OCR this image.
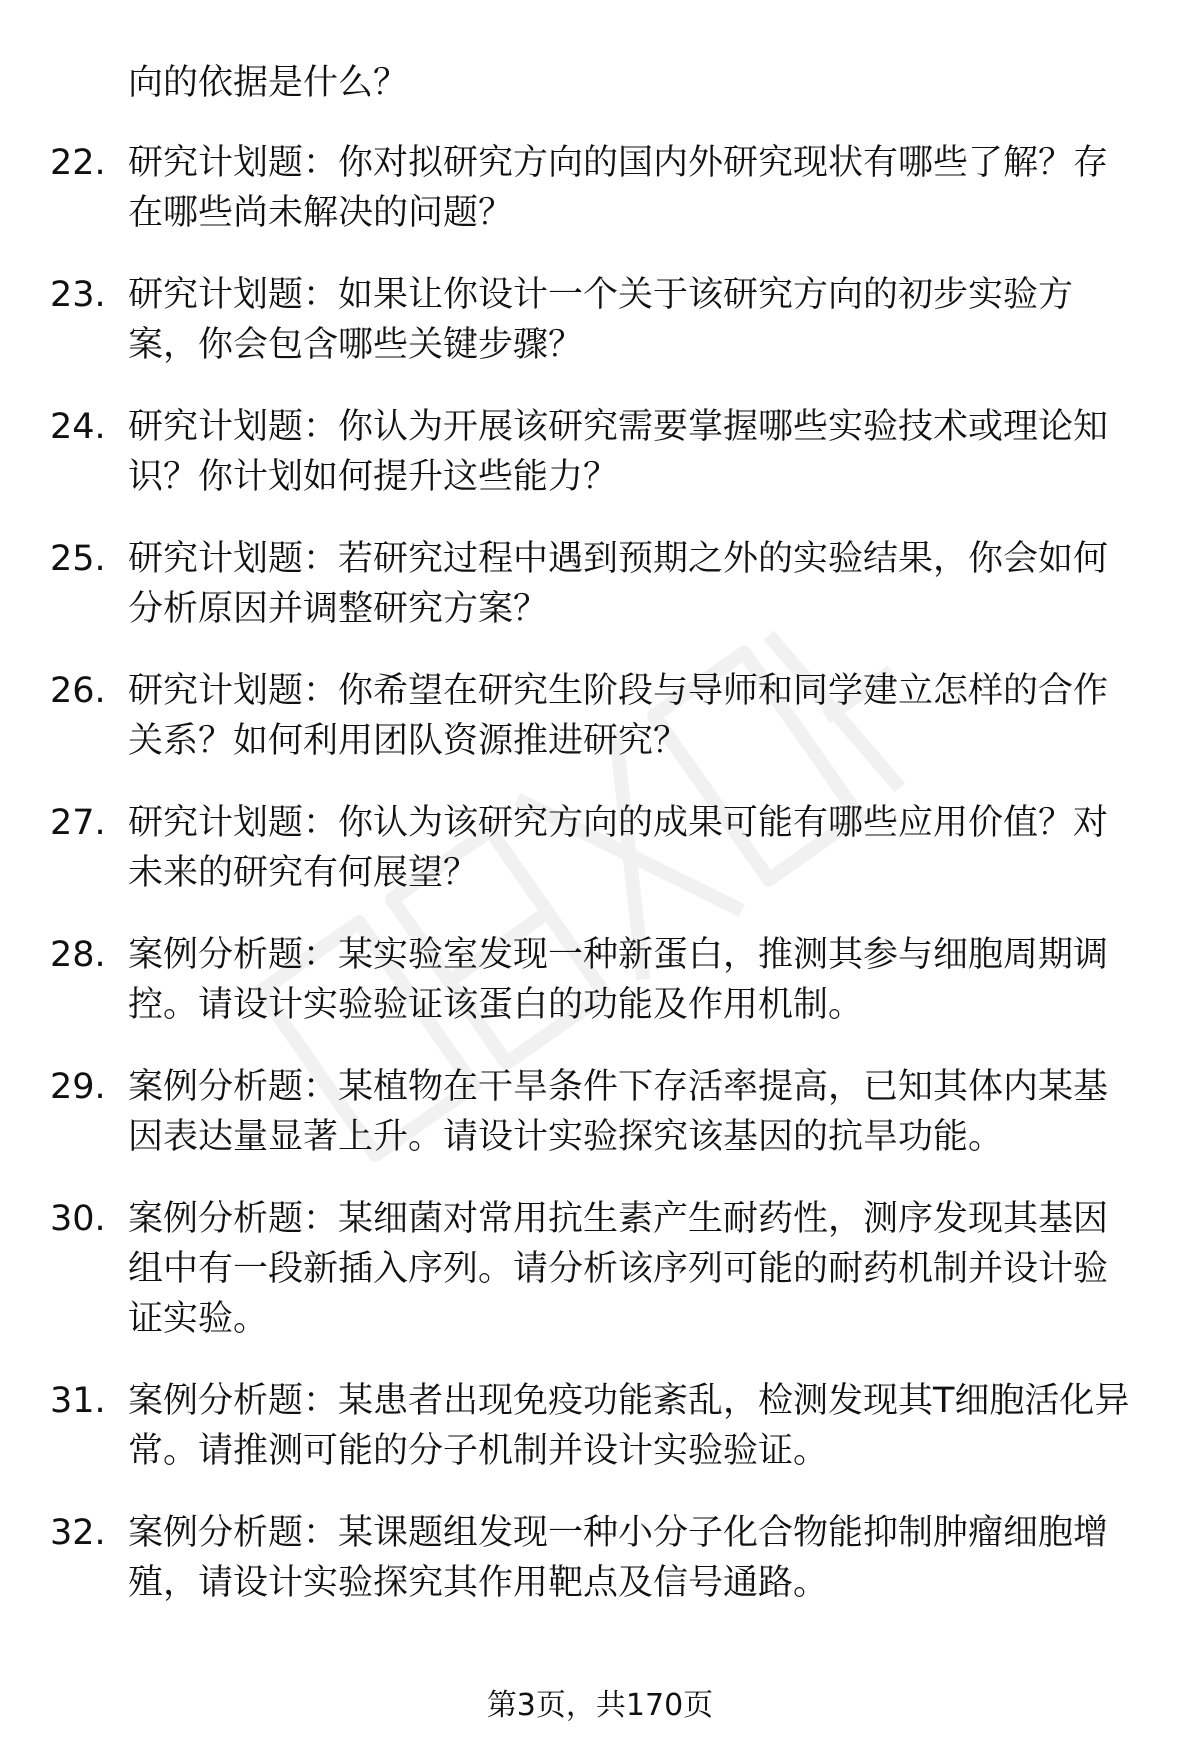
向的依据是什么？
22. 研究计划题：你对拟研究方向的国内外研究现状有哪些了解？存
在哪些尚未解决的问题？
23. 研究计划题：如果让你设计一个关于该研究方向的初步实验方
案，你会包含哪些关键步骤？
24. 研究计划题：你认为开展该研究需要掌握哪些实验技术或理论知
识？你计划如何提升这些能力？
25. 研究计划题：若研究过程中遇到预期之外的实验结果，你会如何
分析原因并调整研究方案？
26. 研究计划题：你希望在研究生阶段与导师和同学建立怎样的合作
关系？如何利用团队资源推进研究？
27. 研究计划题：你认为该研究方向的成果可能有哪些应用价值？对
未来的研究有何展望？
28. 案例分析题：某实验室发现一种新蛋白，推测其参与细胞周期调
控。请设计实验验证该蛋白的功能及作用机制。
29. 案例分析题：某植物在干旱条件下存活率提高，已知其体内某基
因表达量显著上升。请设计实验探究该基因的抗旱功能。
30. 案例分析题：某细菌对常用抗生素产生耐药性，测序发现其基因
组中有一段新插入序列。请分析该序列可能的耐药机制并设计验
证实验。
31. 案例分析题：某患者出现免疫功能紊乱，检测发现其T细胞活化异
常。请推测可能的分子机制并设计实验验证。
32. 案例分析题：某课题组发现一种小分子化合物能抑制肿瘤细胞增
殖，请设计实验探究其作用靶点及信号通路。
第3页，共170页
